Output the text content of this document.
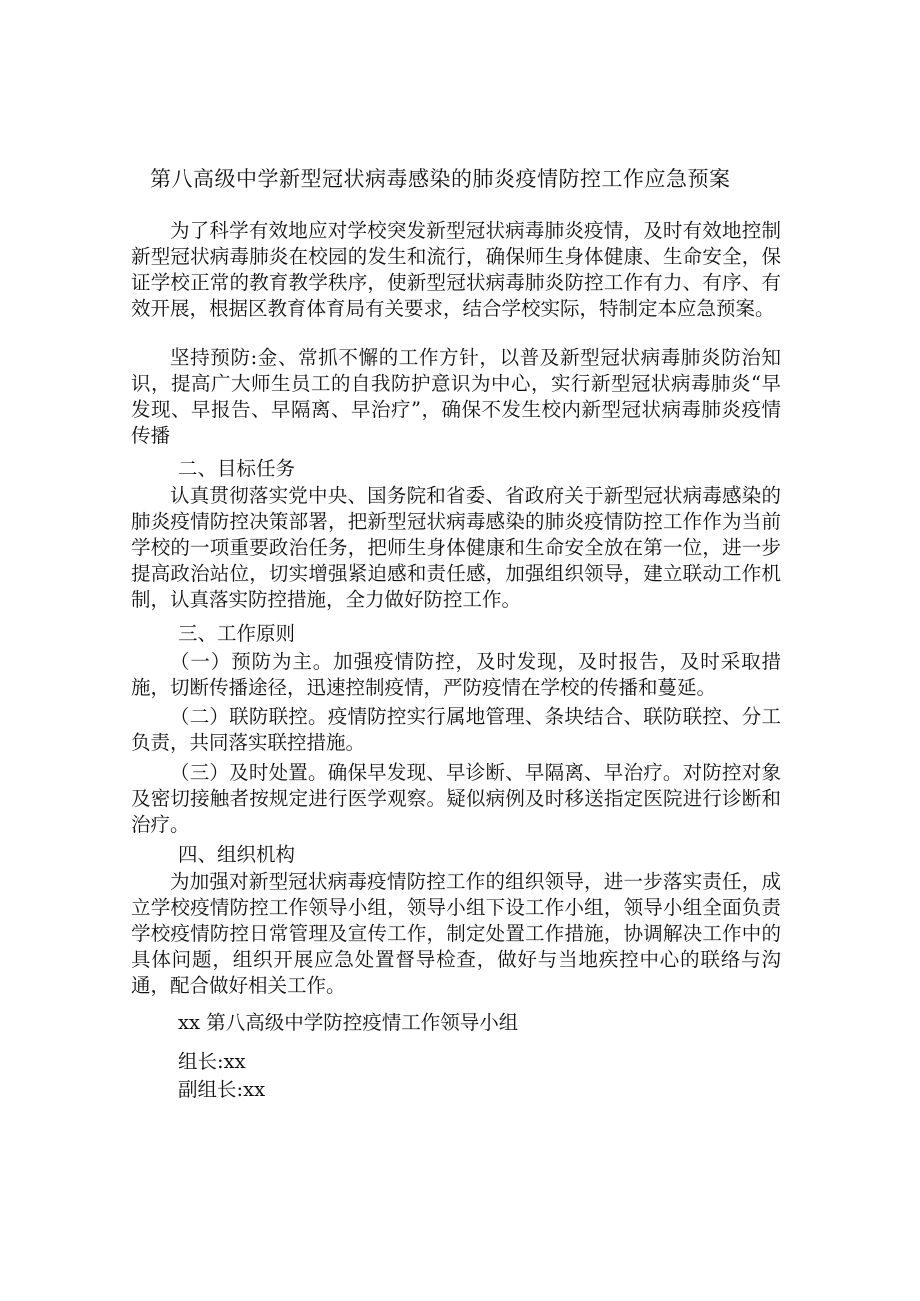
第八高级中学新型冠状病毒感染的肺炎疫情防控工作应急预案
为了科学有效地应对学校突发新型冠状病毒肺炎疫情，及时有效地控制新型冠状病毒肺炎在校园的发生和流行，确保师生身体健康、生命安全，保证学校正常的教育教学秩序，使新型冠状病毒肺炎防控工作有力、有序、有效开展，根据区教育体育局有关要求，结合学校实际，特制定本应急预案。
坚持预防:金、常抓不懈的工作方针，以普及新型冠状病毒肺炎防治知识，提高广大师生员工的自我防护意识为中心，实行新型冠状病毒肺炎“早发现、早报告、早隔离、早治疗”，确保不发生校内新型冠状病毒肺炎疫情传播
二、目标任务
认真贯彻落实党中央、国务院和省委、省政府关于新型冠状病毒感染的肺炎疫情防控决策部署，把新型冠状病毒感染的肺炎疫情防控工作作为当前学校的一项重要政治任务，把师生身体健康和生命安全放在第一位，进一步提高政治站位，切实增强紧迫感和责任感，加强组织领导，建立联动工作机制，认真落实防控措施，全力做好防控工作。
三、工作原则
（一）预防为主。加强疫情防控，及时发现，及时报告，及时采取措施，切断传播途径，迅速控制疫情，严防疫情在学校的传播和蔓延。
（二）联防联控。疫情防控实行属地管理、条块结合、联防联控、分工负责，共同落实联控措施。
（三）及时处置。确保早发现、早诊断、早隔离、早治疗。对防控对象及密切接触者按规定进行医学观察。疑似病例及时移送指定医院进行诊断和治疗。
四、组织机构
为加强对新型冠状病毒疫情防控工作的组织领导，进一步落实责任，成立学校疫情防控工作领导小组，领导小组下设工作小组，领导小组全面负责学校疫情防控日常管理及宣传工作，制定处置工作措施，协调解决工作中的具体问题，组织开展应急处置督导检查，做好与当地疾控中心的联络与沟通，配合做好相关工作。
xx 第八高级中学防控疫情工作领导小组
组长:xx
副组长:xx
